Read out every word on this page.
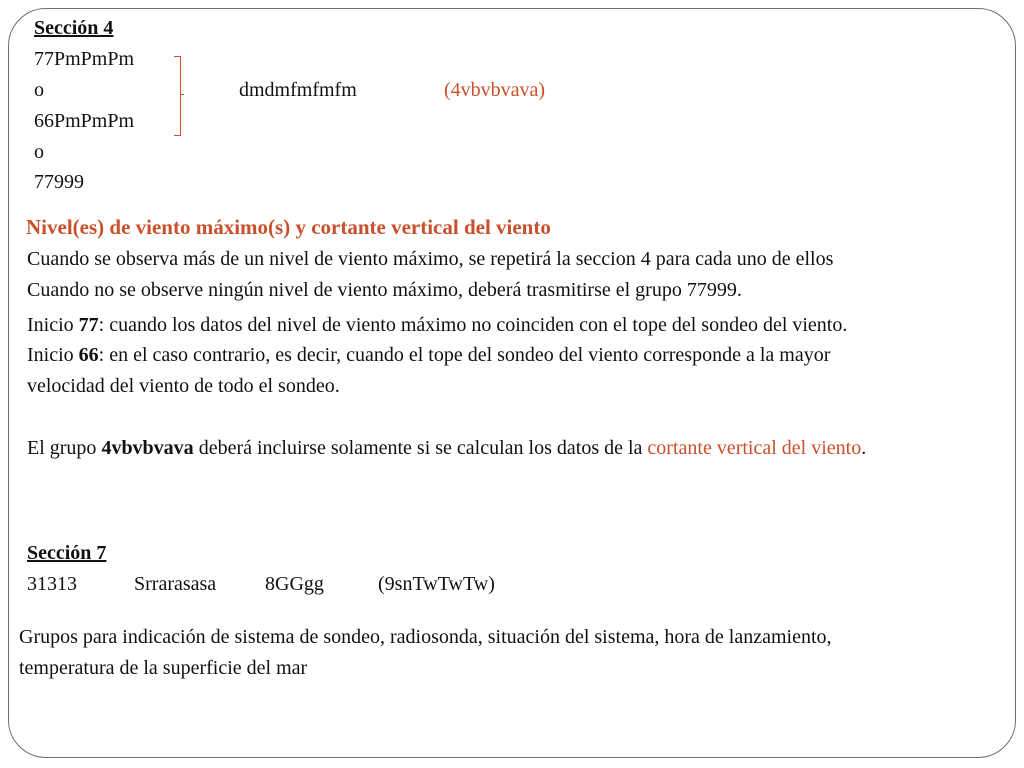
Sección 4
77PmPmPm
o
66PmPmPm
o
77999
dmdmfmfmfm	(4vbvbvava)
Nivel(es) de viento máximo(s) y cortante vertical del viento
Cuando se observa más de un nivel de viento máximo, se repetirá la seccion 4 para cada uno de ellos
Cuando no se observe ningún nivel de viento máximo, deberá trasmitirse el grupo 77999.
Inicio 77: cuando los datos del nivel de viento máximo no coinciden con el tope del sondeo del viento.
Inicio 66: en el caso contrario, es decir, cuando el tope del sondeo del viento corresponde a la mayor
velocidad del viento de todo el sondeo.
El grupo 4vbvbvava deberá incluirse solamente si se calculan los datos de la cortante vertical del viento.
Sección 7
31313	Srrarasasa 8GGgg	(9snTwTwTw)
Grupos para indicación de sistema de sondeo, radiosonda, situación del sistema, hora de lanzamiento,
temperatura de la superficie del mar
